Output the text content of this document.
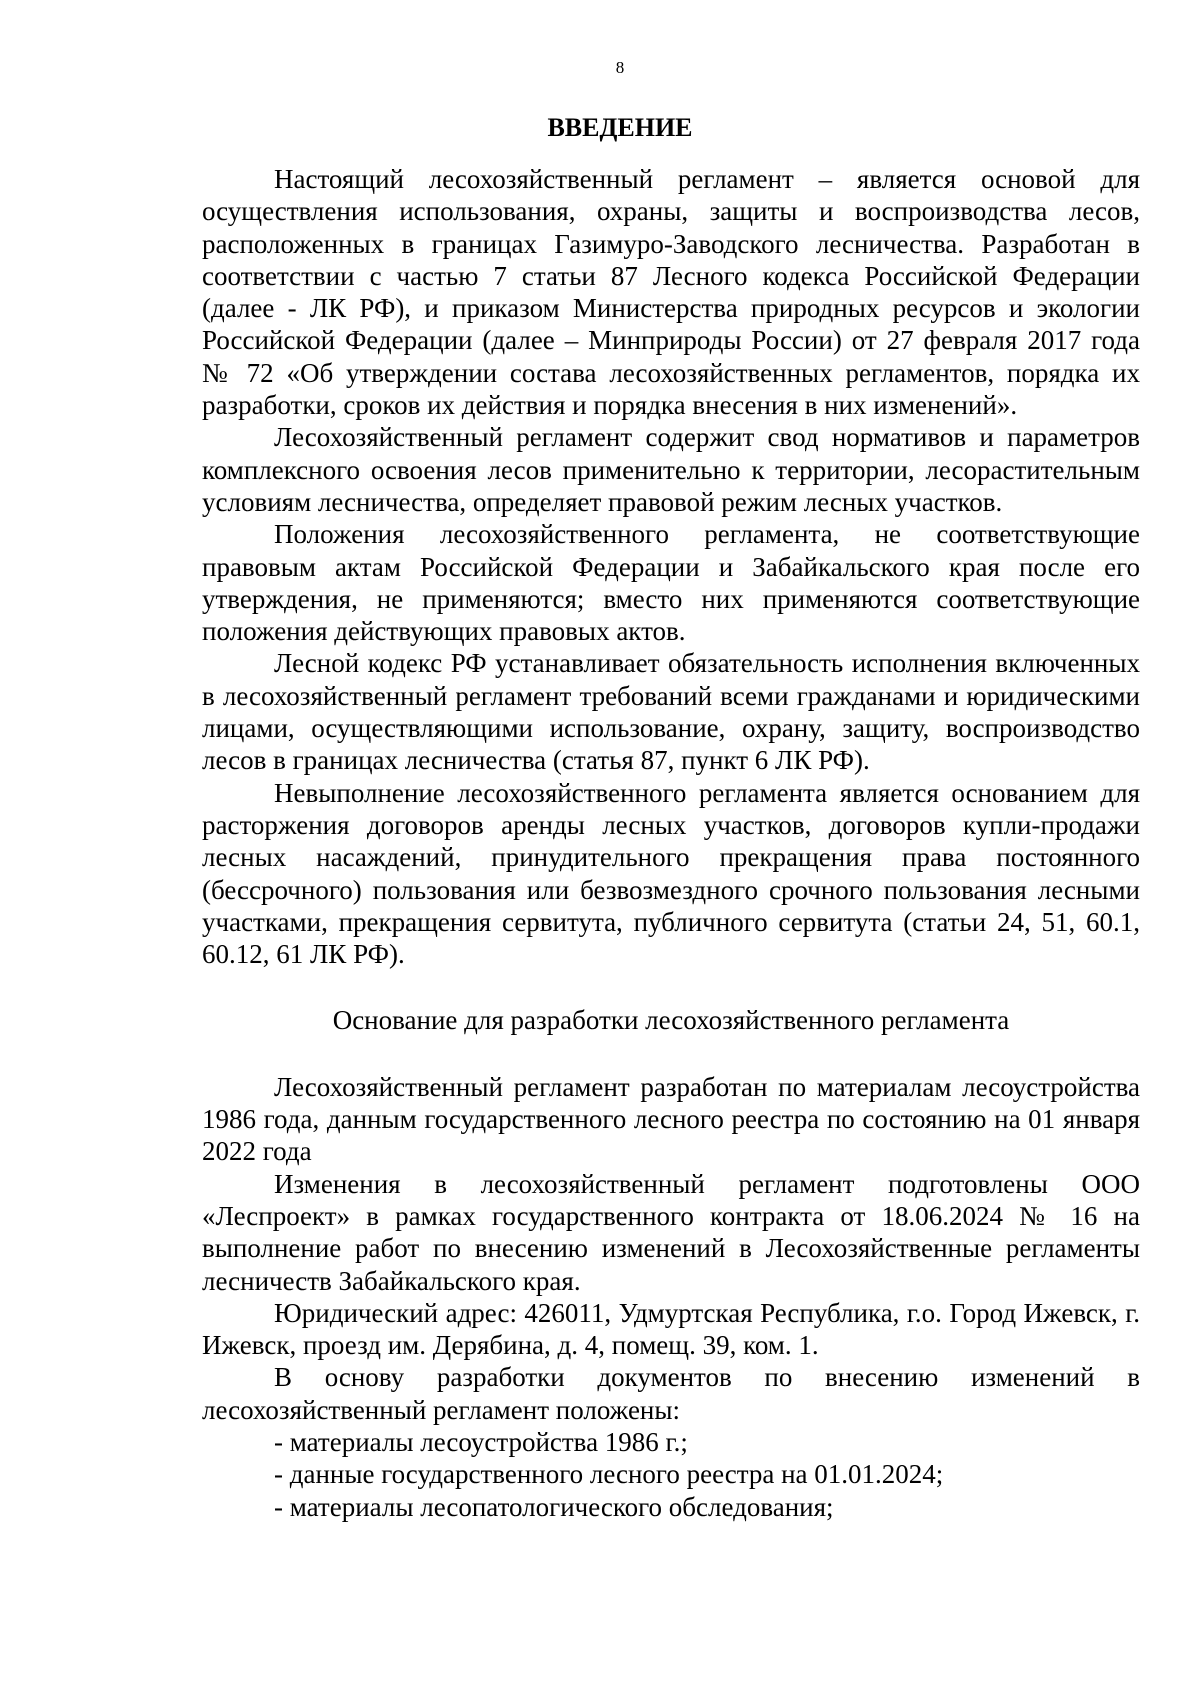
8
ВВЕДЕНИЕ

Настоящий лесохозяйственный регламент – является основой для осуществления использования, охраны, защиты и воспроизводства лесов, расположенных в границах Газимуро-Заводского лесничества. Разработан в соответствии с частью 7 статьи 87 Лесного кодекса Российской Федерации (далее - ЛК РФ), и приказом Министерства природных ресурсов и экологии Российской Федерации (далее – Минприроды России) от 27 февраля 2017 года № 72 «Об утверждении состава лесохозяйственных регламентов, порядка их разработки, сроков их действия и порядка внесения в них изменений».

Лесохозяйственный регламент содержит свод нормативов и параметров комплексного освоения лесов применительно к территории, лесорастительным условиям лесничества, определяет правовой режим лесных участков.

Положения лесохозяйственного регламента, не соответствующие правовым актам Российской Федерации и Забайкальского края после его утверждения, не применяются; вместо них применяются соответствующие положения действующих правовых актов.

Лесной кодекс РФ устанавливает обязательность исполнения включенных в лесохозяйственный регламент требований всеми гражданами и юридическими лицами, осуществляющими использование, охрану, защиту, воспроизводство лесов в границах лесничества (статья 87, пункт 6 ЛК РФ).

Невыполнение лесохозяйственного регламента является основанием для расторжения договоров аренды лесных участков, договоров купли-продажи лесных насаждений, принудительного прекращения права постоянного (бессрочного) пользования или безвозмездного срочного пользования лесными участками, прекращения сервитута, публичного сервитута (статьи 24, 51, 60.1, 60.12, 61 ЛК РФ).

Основание для разработки лесохозяйственного регламента

Лесохозяйственный регламент разработан по материалам лесоустройства 1986 года, данным государственного лесного реестра по состоянию на 01 января 2022 года

Изменения в лесохозяйственный регламент подготовлены ООО «Леспроект» в рамках государственного контракта от 18.06.2024 № 16 на выполнение работ по внесению изменений в Лесохозяйственные регламенты лесничеств Забайкальского края.

Юридический адрес: 426011, Удмуртская Республика, г.о. Город Ижевск, г. Ижевск, проезд им. Дерябина, д. 4, помещ. 39, ком. 1.

В основу разработки документов по внесению изменений в лесохозяйственный регламент положены:

- материалы лесоустройства 1986 г.;

- данные государственного лесного реестра на 01.01.2024;

- материалы лесопатологического обследования;
